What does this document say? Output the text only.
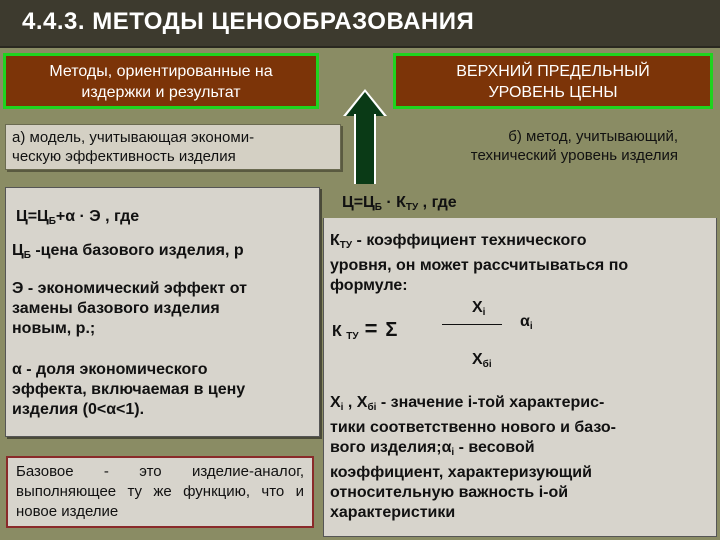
4.4.3. МЕТОДЫ ЦЕНООБРАЗОВАНИЯ
Методы, ориентированные на
издержки и результат
ВЕРХНИЙ ПРЕДЕЛЬНЫЙ
УРОВЕНЬ ЦЕНЫ
а) модель, учитывающая экономи-
ческую эффективность изделия
б) метод, учитывающий,
технический уровень изделия
$Ц=Ц_Б+\alpha \cdot Э$ , где
$Ц_Б$ -цена базового изделия, р
Э - экономический эффект от
замены базового изделия
новым, р.;
α - доля экономического
эффекта, включаемая в цену
изделия (0<α<1).
Базовое - это изделие-аналог, выполняющее ту же функцию, что и новое изделие
$Ц=Ц_Б \cdot К_{ТУ}$ , где
$К_{ТУ}$ - коэффициент технического
уровня, он может рассчитываться по
формуле:
$X_i$
К $_{ТУ}$ = Σ	$\alpha_i$
$X_{бi}$
$X_i$ , $X_{бi}$ - значение i-той характерис-
тики соответственно нового и базо-
вого $изделия;\alpha_i$ - весовой
коэффициент, характеризующий
относительную важность i-ой
характеристики
